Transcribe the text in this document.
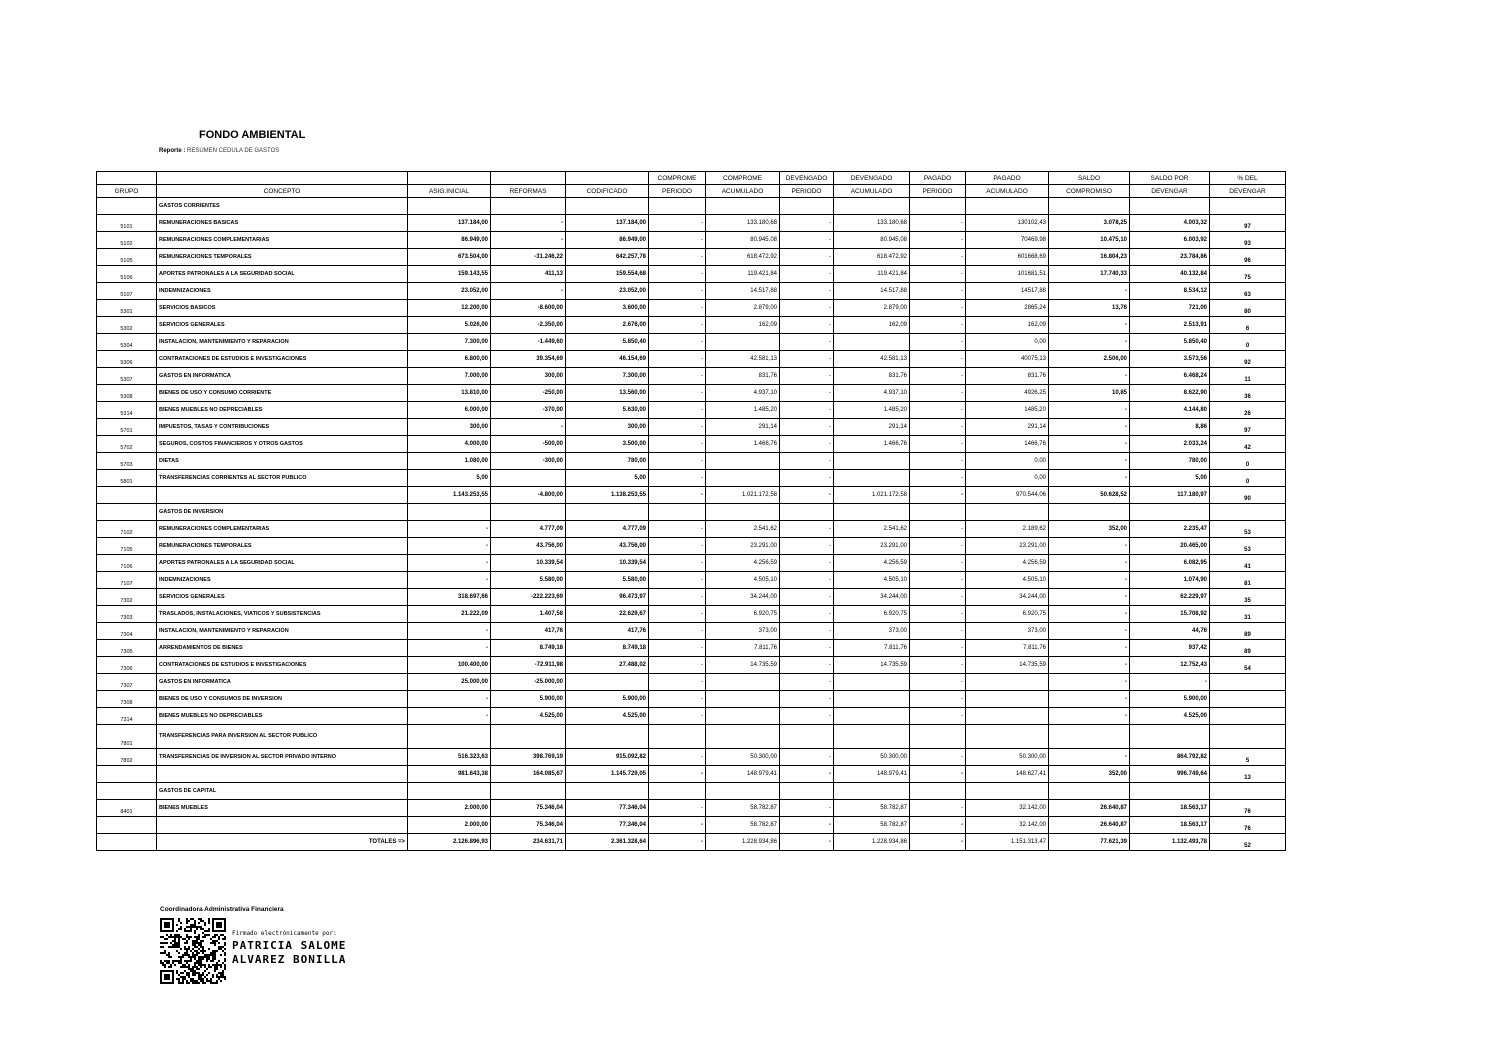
FONDO AMBIENTAL
Reporte : RESUMEN CEDULA DE GASTOS
					COMPROME	COMPROME	DEVENGADO	DEVENGADO	PAGADO	PAGADO	SALDO	SALDO POR	% DEL
GRUPO	CONCEPTO	ASIG.INICIAL	REFORMAS	CODIFICADO	PERIODO	ACUMULADO	PERIODO	ACUMULADO	PERIODO	ACUMULADO	COMPROMISO	DEVENGAR	DEVENGAR
	GASTOS CORRIENTES												
5101	REMUNERACIONES BASICAS	137.184,00	-	137.184,00	-	133.180,68	-	133.180,68	-	130102,43	3.078,25	4.003,32	97
5102	REMUNERACIONES COMPLEMENTARIAS	86.949,00	-	86.949,00	-	80.945,08	-	80.945,08	-	70469,98	10.475,10	6.003,92	93
5105	REMUNERACIONES TEMPORALES	673.504,00	-31.246,22	642.257,78	-	618.472,92	-	618.472,92	-	601668,69	16.804,23	23.784,86	96
5106	APORTES PATRONALES A LA SEGURIDAD SOCIAL	159.143,55	411,13	159.554,68	-	119.421,84	-	119.421,84	-	101681,51	17.740,33	40.132,84	75
5107	INDEMNIZACIONES	23.052,00	-	23.052,00	-	14.517,88	-	14.517,88	-	14517,88	-	8.534,12	63
5301	SERVICIOS BASICOS	12.200,00	-8.600,00	3.600,00	-	2.879,00	-	2.879,00	-	2865,24	13,76	721,00	80
5302	SERVICIOS GENERALES	5.026,00	-2.350,00	2.676,00	-	162,09	-	162,09	-	162,09	-	2.513,91	6
5304	INSTALACION, MANTENIMIENTO Y REPARACION	7.300,00	-1.449,60	5.850,40	-		-		-	0,00	-	5.850,40	0
5306	CONTRATACIONES DE ESTUDIOS E INVESTIGACIONES	6.800,00	39.354,69	46.154,69	-	42.581,13	-	42.581,13	-	40075,13	2.506,00	3.573,56	92
5307	GASTOS EN INFORMATICA	7.000,00	300,00	7.300,00	-	831,76	-	831,76	-	831,76	-	6.468,24	11
5308	BIENES DE USO Y CONSUMO CORRIENTE	13.810,00	-250,00	13.560,00	-	4.937,10	-	4.937,10	-	4926,25	10,85	8.622,90	36
5314	BIENES MUEBLES NO DEPRECIABLES	6.000,00	-370,00	5.630,00	-	1.485,20	-	1.485,20	-	1485,20	-	4.144,80	26
5701	IMPUESTOS, TASAS Y CONTRIBUCIONES	300,00	-	300,00	-	291,14	-	291,14	-	291,14	-	8,86	97
5702	SEGUROS, COSTOS FINANCIEROS Y OTROS GASTOS	4.000,00	-500,00	3.500,00	-	1.466,76	-	1.466,76	-	1466,76	-	2.033,24	42
5703	DIETAS	1.080,00	-300,00	780,00	-		-		-	0,00	-	780,00	0
5801	TRANSFERENCIAS CORRIENTES AL SECTOR PUBLICO	5,00		5,00	-		-		-	0,00	-	5,00	0
		1.143.253,55	-4.800,00	1.138.253,55	-	1.021.172,58	-	1.021.172,58	-	970.544,06	50.628,52	117.180,97	90
	GASTOS DE INVERSION												
7102	REMUNERACIONES COMPLEMENTARIAS	-	4.777,09	4.777,09	-	2.541,62	-	2.541,62	-	2.189,62	352,00	2.235,47	53
7105	REMUNERACIONES TEMPORALES	-	43.756,00	43.756,00	-	23.291,00	-	23.291,00	-	23.291,00	-	20.465,00	53
7106	APORTES PATRONALES A LA SEGURIDAD SOCIAL	-	10.339,54	10.339,54	-	4.256,59	-	4.256,59	-	4.256,59	-	6.082,95	41
7107	INDEMNIZACIONES	-	5.580,00	5.580,00	-	4.505,10	-	4.505,10	-	4.505,10	-	1.074,90	81
7302	SERVICIOS GENERALES	318.697,66	-222.223,69	96.473,97	-	34.244,00	-	34.244,00	-	34.244,00	-	62.229,97	35
7303	TRASLADOS, INSTALACIONES, VIATICOS Y SUBSISTENCIAS	21.222,09	1.407,58	22.629,67	-	6.920,75	-	6.920,75	-	6.920,75	-	15.708,92	31
7304	INSTALACION, MANTENIMIENTO Y REPARACION	-	417,76	417,76	-	373,00	-	373,00	-	373,00	-	44,76	89
7305	ARRENDAMIENTOS DE BIENES	-	8.749,18	8.749,18	-	7.811,76	-	7.811,76	-	7.811,76	-	937,42	89
7306	CONTRATACIONES DE ESTUDIOS E INVESTIGACIONES	100.400,00	-72.911,98	27.488,02	-	14.735,59	-	14.735,59	-	14.735,59	-	12.752,43	54
7307	GASTOS EN INFORMATICA	25.000,00	-25.000,00		-		-		-		-	-	
7308	BIENES DE USO Y CONSUMOS DE INVERSION	-	5.900,00	5.900,00	-		-		-		-	5.900,00	
7314	BIENES MUEBLES NO DEPRECIABLES	-	4.525,00	4.525,00	-		-		-		-	4.525,00	
7801	TRANSFERENCIAS PARA INVERSION AL SECTOR PUBLICO												
7802	TRANSFERENCIAS DE INVERSION AL SECTOR PRIVADO INTERNO	516.323,63	398.769,19	915.092,82	-	50.300,00	-	50.300,00	-	50.300,00	-	864.792,82	5
		981.643,38	164.085,67	1.145.729,05	-	148.979,41	-	148.979,41	-	148.627,41	352,00	996.749,64	13
	GASTOS DE CAPITAL												
8401	BIENES MUEBLES	2.000,00	75.346,04	77.346,04	-	58.782,87	-	58.782,87	-	32.142,00	26.640,87	18.563,17	76
		2.000,00	75.346,04	77.346,04	-	58.782,87	-	58.782,87	-	32.142,00	26.640,87	18.563,17	76
	TOTALES =>	2.126.896,93	234.631,71	2.361.328,64	-	1.228.934,86	-	1.228.934,86	-	1.151.313,47	77.621,39	1.132.493,78	52
Coordinadora Administrativa Financiera
Firmado electrónicamente por:
PATRICIA SALOME
ALVAREZ BONILLA
